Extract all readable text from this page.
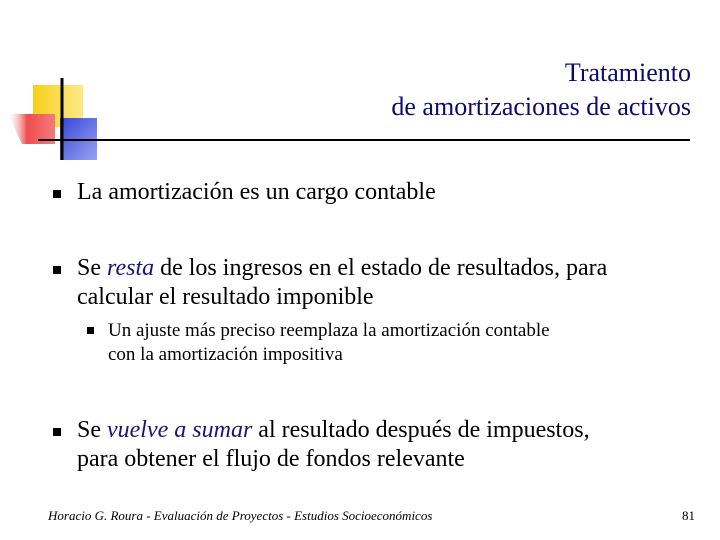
Tratamiento
de amortizaciones de activos
La amortización es un cargo contable
Se resta de los ingresos en el estado de resultados, para
calcular el resultado imponible
Un ajuste más preciso reemplaza la amortización contable
con la amortización impositiva
Se vuelve a sumar al resultado después de impuestos,
para obtener el flujo de fondos relevante
Horacio G. Roura - Evaluación de Proyectos - Estudios Socioeconómicos	81
